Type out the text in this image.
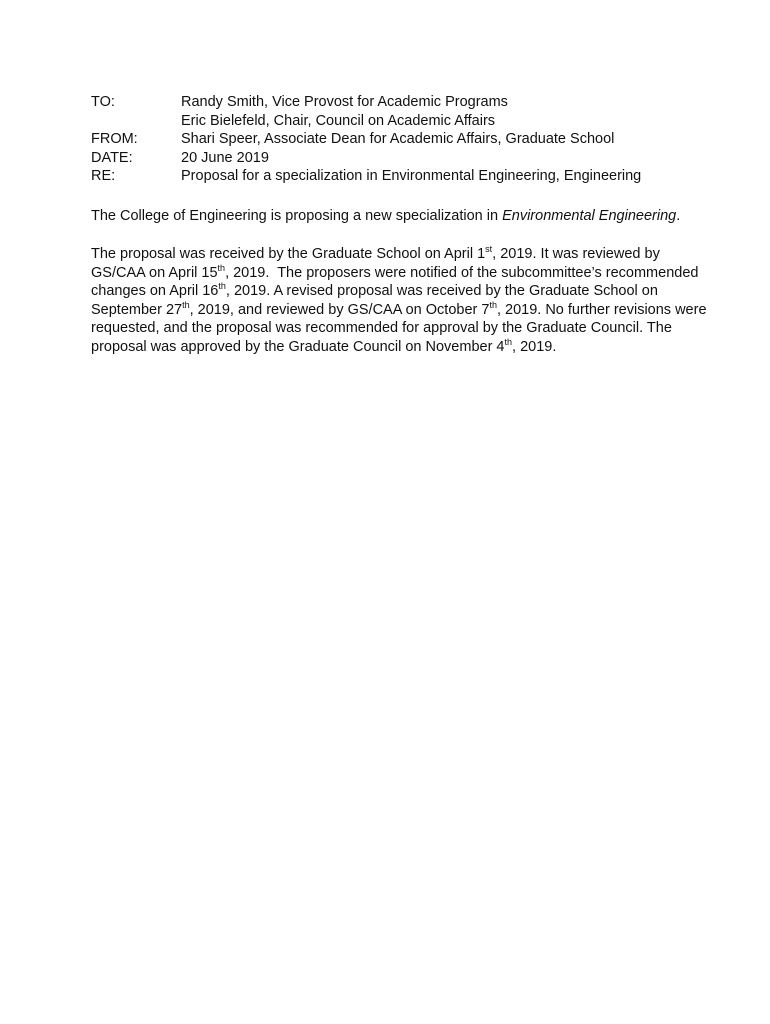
TO:	Randy Smith, Vice Provost for Academic Programs
Eric Bielefeld, Chair, Council on Academic Affairs
FROM:	Shari Speer, Associate Dean for Academic Affairs, Graduate School
DATE:	20 June 2019
RE:	Proposal for a specialization in Environmental Engineering, Engineering

The College of Engineering is proposing a new specialization in Environmental Engineering.

The proposal was received by the Graduate School on April 1st, 2019. It was reviewed by
GS/CAA on April 15th, 2019.  The proposers were notified of the subcommittee’s recommended
changes on April 16th, 2019. A revised proposal was received by the Graduate School on
September 27th, 2019, and reviewed by GS/CAA on October 7th, 2019. No further revisions were
requested, and the proposal was recommended for approval by the Graduate Council. The
proposal was approved by the Graduate Council on November 4th, 2019.
